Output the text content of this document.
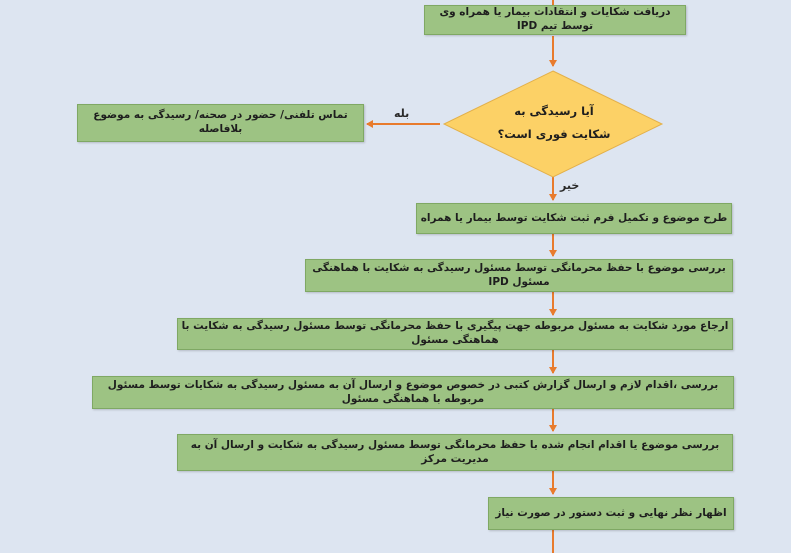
دریافت شکایات و انتقادات بیمار یا همراه وی توسط تیم IPD
آیا رسیدگی به
شکایت فوری است؟
بله
خیر
تماس تلفنی/ حضور در صحنه/ رسیدگی به موضوع بلافاصله
طرح موضوع و تکمیل فرم ثبت شکایت توسط بیمار یا همراه
بررسی موضوع با حفظ محرمانگی توسط مسئول رسیدگی به شکایت با هماهنگی مسئول IPD
ارجاع مورد شکایت به مسئول مربوطه جهت پیگیری با حفظ محرمانگی توسط مسئول رسیدگی به شکایت با هماهنگی مسئول
بررسی ،اقدام لازم و ارسال گزارش کتبی در خصوص موضوع و ارسال آن به مسئول رسیدگی به شکایات توسط مسئول مربوطه با هماهنگی مسئول
بررسی موضوع یا اقدام انجام شده با حفظ محرمانگی توسط مسئول رسیدگی به شکایت و ارسال آن به مدیریت مرکز
اظهار نظر نهایی و ثبت دستور در صورت نیاز
